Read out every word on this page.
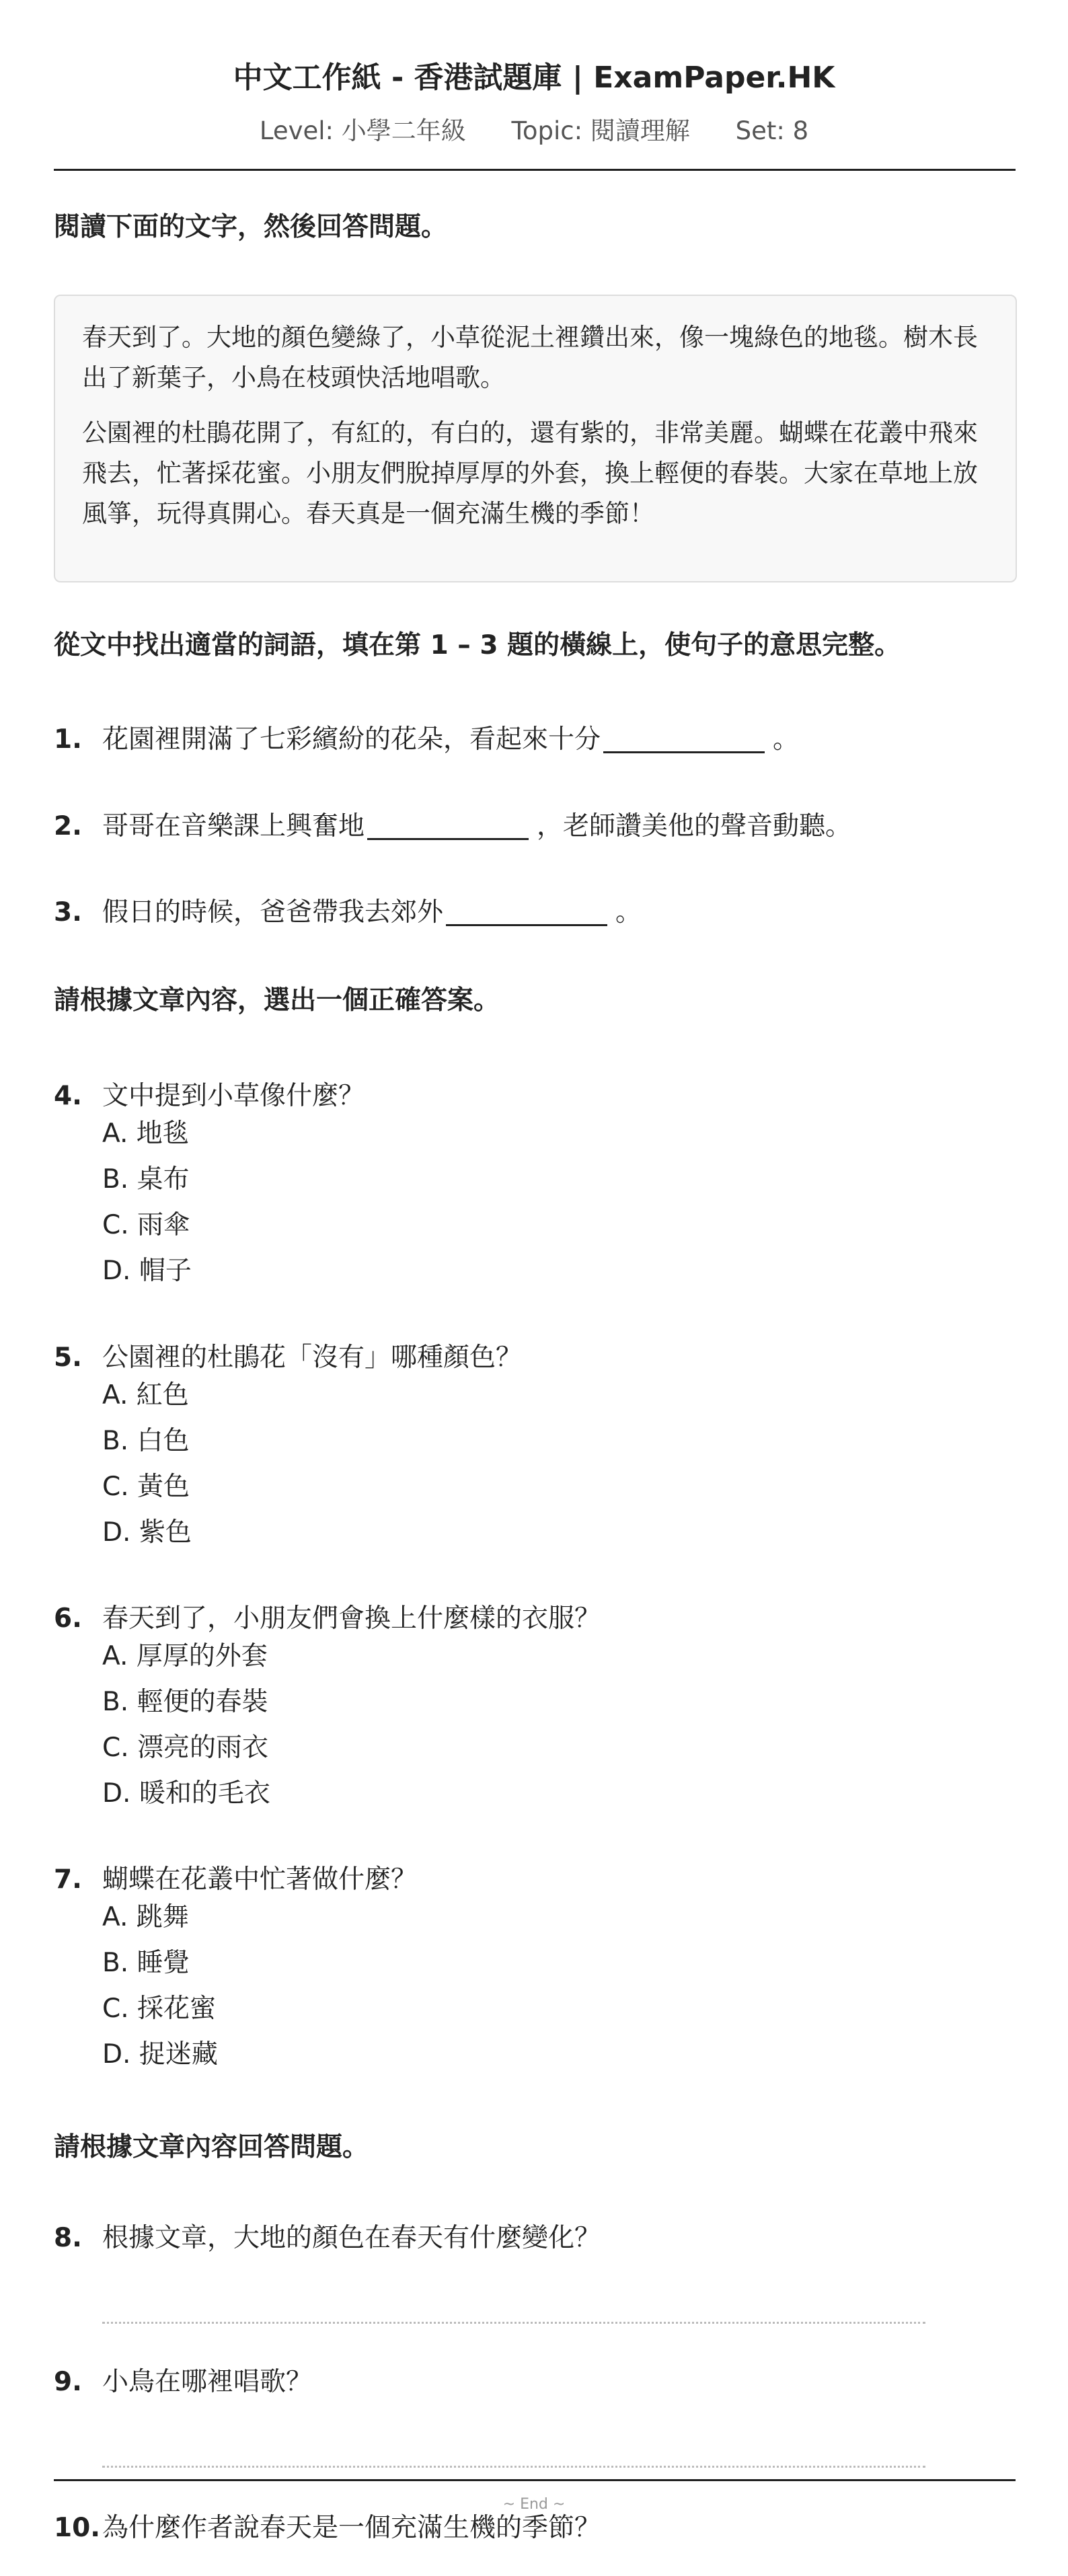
中文工作紙 - 香港試題庫 | ExamPaper.HK
Level: 小學二年級 Topic: 閱讀理解 Set: 8
閱讀下面的文字，然後回答問題。

春天到了。大地的顏色變綠了，小草從泥土裡鑽出來，像一塊綠色的地毯。樹木長出了新葉子，小鳥在枝頭快活地唱歌。

公園裡的杜鵑花開了，有紅的，有白的，還有紫的，非常美麗。蝴蝶在花叢中飛來飛去，忙著採花蜜。小朋友們脫掉厚厚的外套，換上輕便的春裝。大家在草地上放風箏，玩得真開心。春天真是一個充滿生機的季節！

從文中找出適當的詞語，填在第 1 – 3 題的橫線上，使句子的意思完整。
1. 花園裡開滿了七彩繽紛的花朵，看起來十分	。
2. 哥哥在音樂課上興奮地	，老師讚美他的聲音動聽。
3. 假日的時候，爸爸帶我去郊外	。
請根據文章內容，選出一個正確答案。
4. 文中提到小草像什麼？
A. 地毯
B. 桌布
C. 雨傘
D. 帽子
5. 公園裡的杜鵑花「沒有」哪種顏色？
A. 紅色
B. 白色
C. 黃色
D. 紫色
6. 春天到了，小朋友們會換上什麼樣的衣服？
A. 厚厚的外套
B. 輕便的春裝
C. 漂亮的雨衣
D. 暖和的毛衣
7. 蝴蝶在花叢中忙著做什麼？
A. 跳舞
B. 睡覺
C. 採花蜜
D. 捉迷藏
請根據文章內容回答問題。
8. 根據文章，大地的顏色在春天有什麼變化？
9. 小鳥在哪裡唱歌？
~ End ~
10.為什麼作者說春天是一個充滿生機的季節？
